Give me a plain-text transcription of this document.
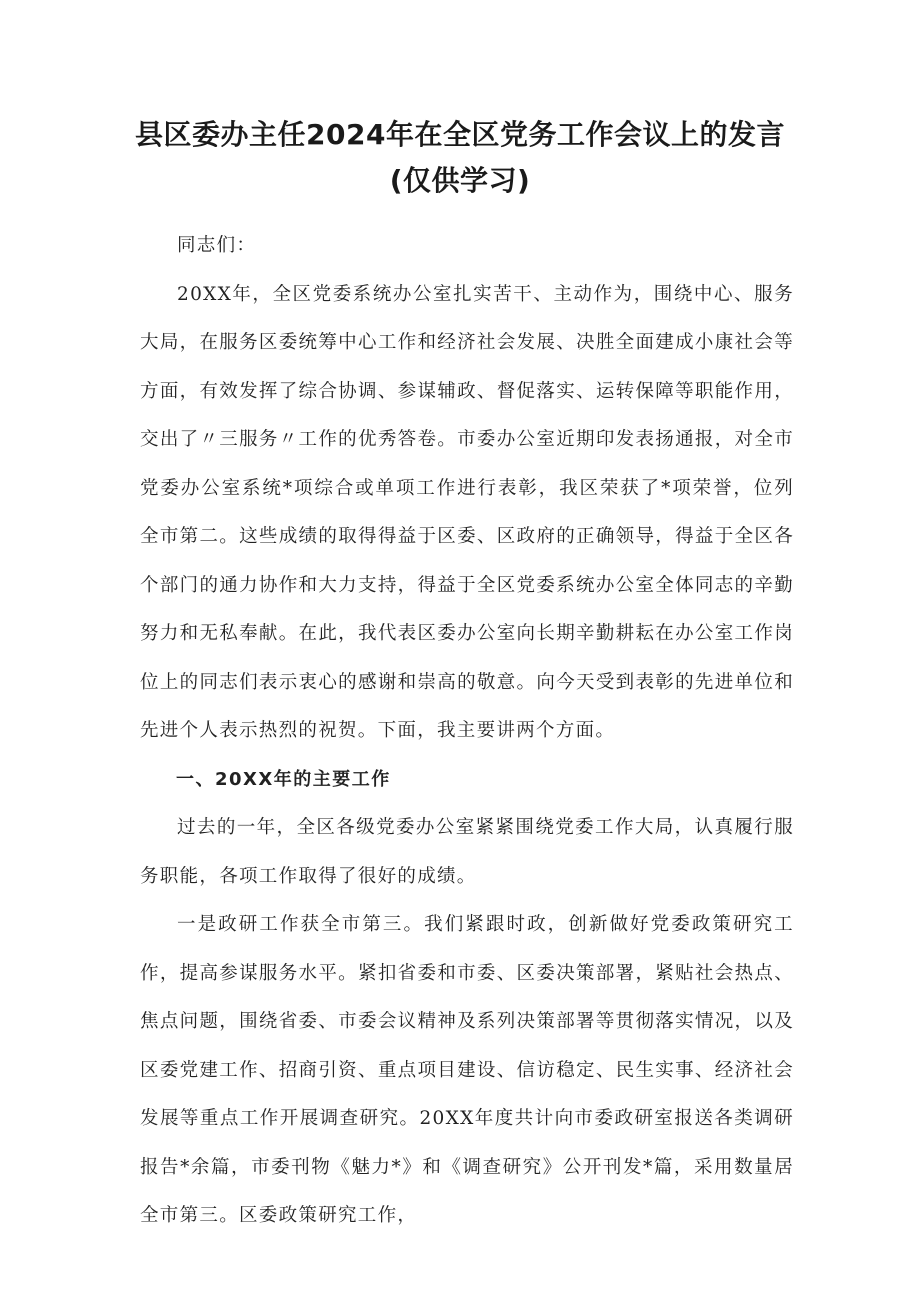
县区委办主任2024年在全区党务工作会议上的发言(仅供学习)

同志们：

20XX年，全区党委系统办公室扎实苦干、主动作为，围绕中心、服务大局，在服务区委统筹中心工作和经济社会发展、决胜全面建成小康社会等方面，有效发挥了综合协调、参谋辅政、督促落实、运转保障等职能作用，交出了〃三服务〃工作的优秀答卷。市委办公室近期印发表扬通报，对全市党委办公室系统*项综合或单项工作进行表彰，我区荣获了*项荣誉，位列全市第二。这些成绩的取得得益于区委、区政府的正确领导，得益于全区各个部门的通力协作和大力支持，得益于全区党委系统办公室全体同志的辛勤努力和无私奉献。在此，我代表区委办公室向长期辛勤耕耘在办公室工作岗位上的同志们表示衷心的感谢和崇高的敬意。向今天受到表彰的先进单位和先进个人表示热烈的祝贺。下面，我主要讲两个方面。

一、20XX年的主要工作

过去的一年，全区各级党委办公室紧紧围绕党委工作大局，认真履行服务职能，各项工作取得了很好的成绩。

一是政研工作获全市第三。我们紧跟时政，创新做好党委政策研究工作，提高参谋服务水平。紧扣省委和市委、区委决策部署，紧贴社会热点、焦点问题，围绕省委、市委会议精神及系列决策部署等贯彻落实情况，以及区委党建工作、招商引资、重点项目建设、信访稳定、民生实事、经济社会发展等重点工作开展调查研究。20XX年度共计向市委政研室报送各类调研报告*余篇，市委刊物《魅力*》和《调查研究》公开刊发*篇，采用数量居全市第三。区委政策研究工作，
